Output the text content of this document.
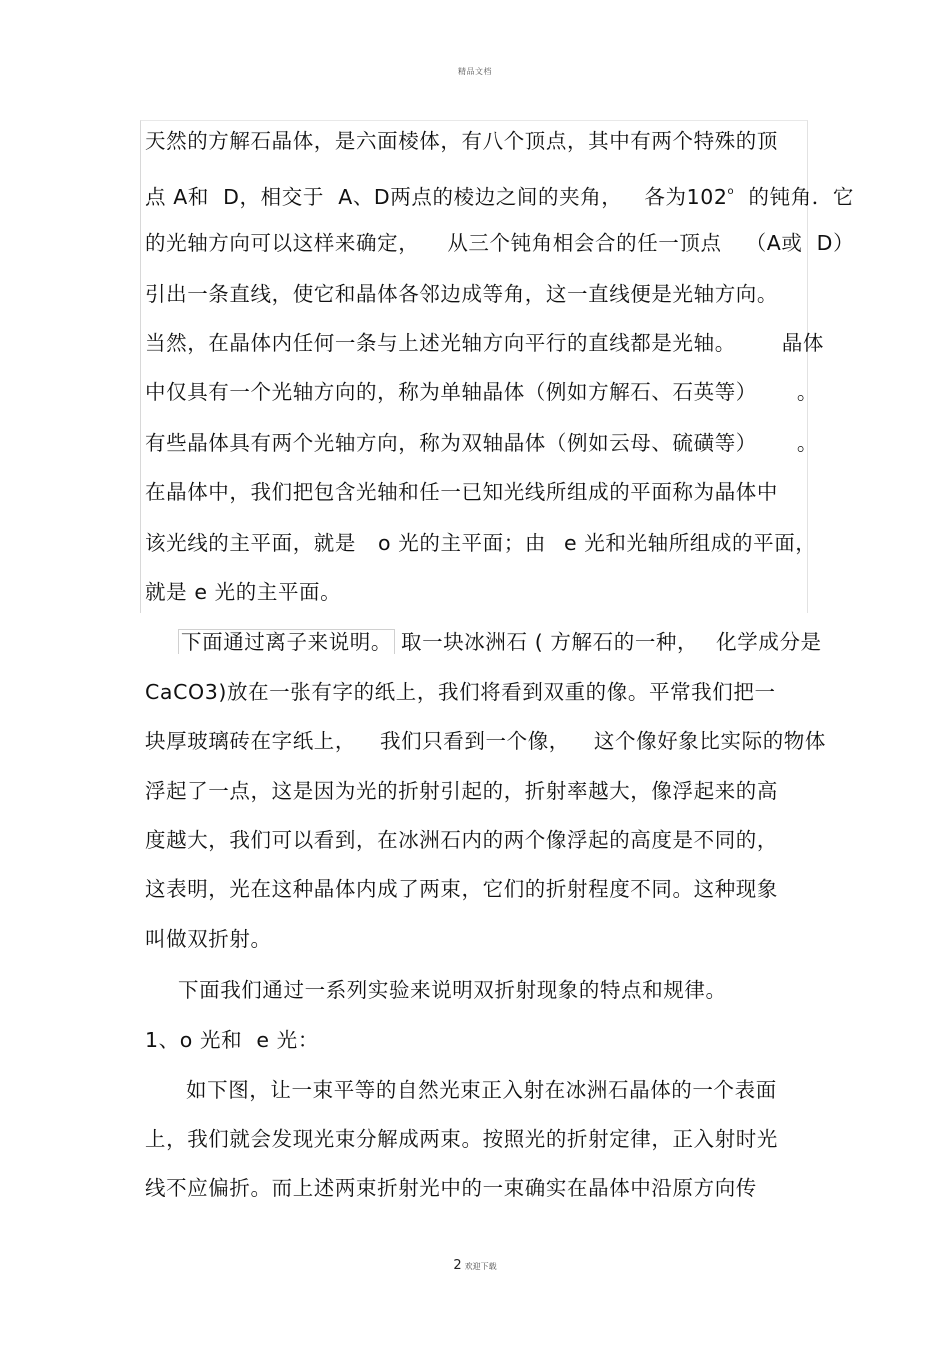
精品文档
天然的方解石晶体，是六面棱体，有八个顶点，其中有两个特殊的顶
点 A和  D，相交于  A、D两点的棱边之间的夹角， 各为102$^o$  的钝角．它
的光轴方向可以这样来确定， 从三个钝角相会合的任一顶点 （A或  D）
引出一条直线，使它和晶体各邻边成等角，这一直线便是光轴方向。
当然，在晶体内任何一条与上述光轴方向平行的直线都是光轴。 晶体
中仅具有一个光轴方向的，称为单轴晶体（例如方解石、石英等） 。
有些晶体具有两个光轴方向，称为双轴晶体（例如云母、硫磺等） 。
在晶体中，我们把包含光轴和任一已知光线所组成的平面称为晶体中
该光线的主平面，就是 o 光的主平面；由 e 光和光轴所组成的平面，
就是 e 光的主平面。
下面通过离子来说明。 取一块冰洲石 ( 方解石的一种， 化学成分是
CaCO3)放在一张有字的纸上，我们将看到双重的像。平常我们把一
块厚玻璃砖在字纸上， 我们只看到一个像， 这个像好象比实际的物体
浮起了一点，这是因为光的折射引起的，折射率越大，像浮起来的高
度越大，我们可以看到，在冰洲石内的两个像浮起的高度是不同的，
这表明，光在这种晶体内成了两束，它们的折射程度不同。这种现象
叫做双折射。
下面我们通过一系列实验来说明双折射现象的特点和规律。
1、o 光和  e 光：
如下图，让一束平等的自然光束正入射在冰洲石晶体的一个表面
上，我们就会发现光束分解成两束。按照光的折射定律，正入射时光
线不应偏折。而上述两束折射光中的一束确实在晶体中沿原方向传
2 欢迎下载
